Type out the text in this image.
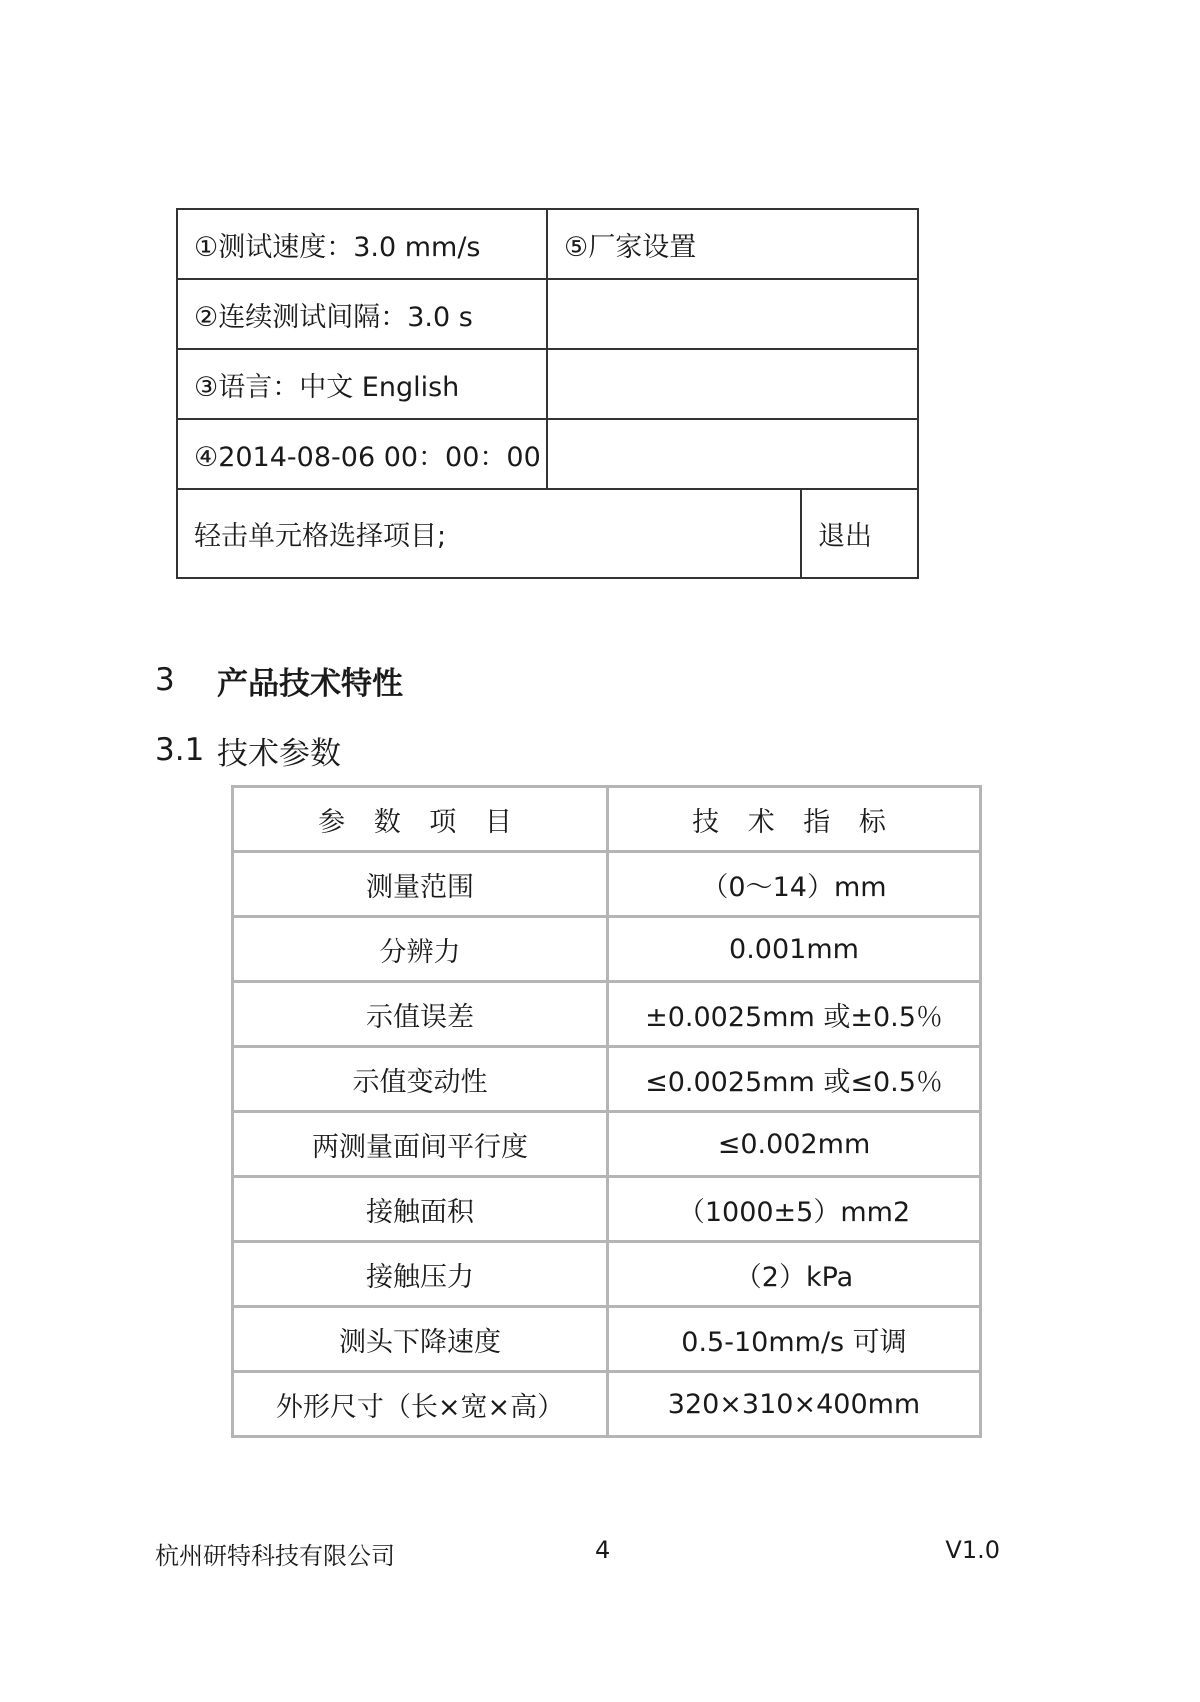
①测试速度：3.0 mm/s	⑤厂家设置
②连续测试间隔：3.0 s
③语言：中文 English
④2014-08-06 00：00：00
轻击单元格选择项目;	退出
3	产品技术特性
3.1 技术参数
参 数 项 目	技 术 指 标
测量范围	（0～14）mm
分辨力	0.001mm
示值误差	±0.0025mm 或±0.5％
示值变动性	≤0.0025mm 或≤0.5％
两测量面间平行度	≤0.002mm
接触面积	（1000±5）mm2
接触压力	（2）kPa
测头下降速度	0.5-10mm/s 可调
外形尺寸（长×宽×高）	320×310×400mm
杭州研特科技有限公司	4	V1.0
